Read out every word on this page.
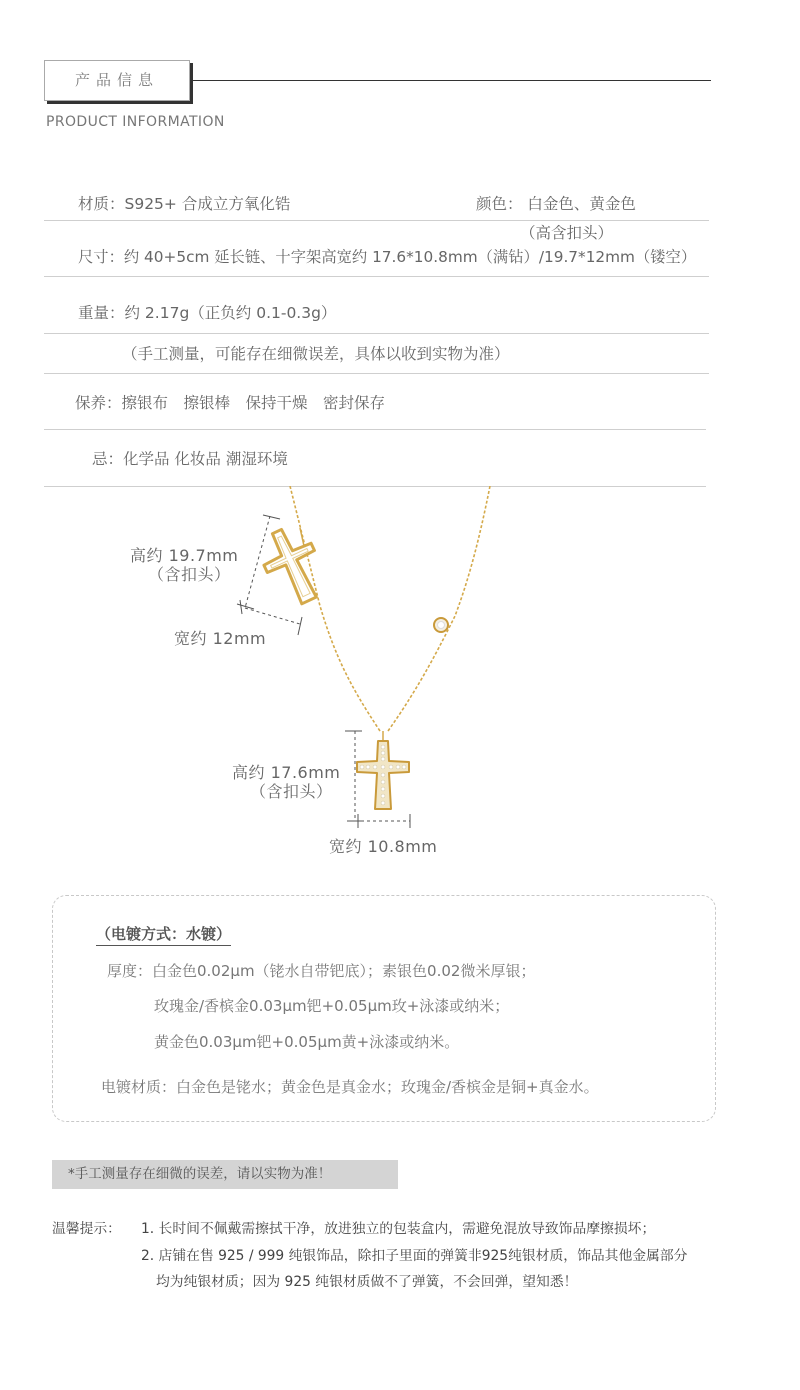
产品信息
PRODUCT INFORMATION
材质：S925+ 合成立方氧化锆	颜色： 白金色、黄金色
（高含扣头）
尺寸：约 40+5cm 延长链、十字架高宽约 17.6*10.8mm（满钻）/19.7*12mm（镂空）
重量：约 2.17g（正负约 0.1-0.3g）
（手工测量，可能存在细微误差，具体以收到实物为准）
保养：擦银布　擦银棒　保持干燥　密封保存
忌：化学品 化妆品 潮湿环境
高约 19.7mm
（含扣头）
宽约 12mm
高约 17.6mm
（含扣头）
宽约 10.8mm
（电镀方式：水镀）
厚度：白金色0.02μm（铑水自带钯底）；素银色0.02微米厚银；
玫瑰金/香槟金0.03μm钯+0.05μm玫+泳漆或纳米；
黄金色0.03μm钯+0.05μm黄+泳漆或纳米。
电镀材质：白金色是铑水；黄金色是真金水；玫瑰金/香槟金是铜+真金水。
*手工测量存在细微的误差，请以实物为准！
温馨提示： 1. 长时间不佩戴需擦拭干净，放进独立的包装盒内，需避免混放导致饰品摩擦损坏；
2. 店铺在售 925 / 999 纯银饰品，除扣子里面的弹簧非925纯银材质，饰品其他金属部分
均为纯银材质；因为 925 纯银材质做不了弹簧，不会回弹，望知悉！
